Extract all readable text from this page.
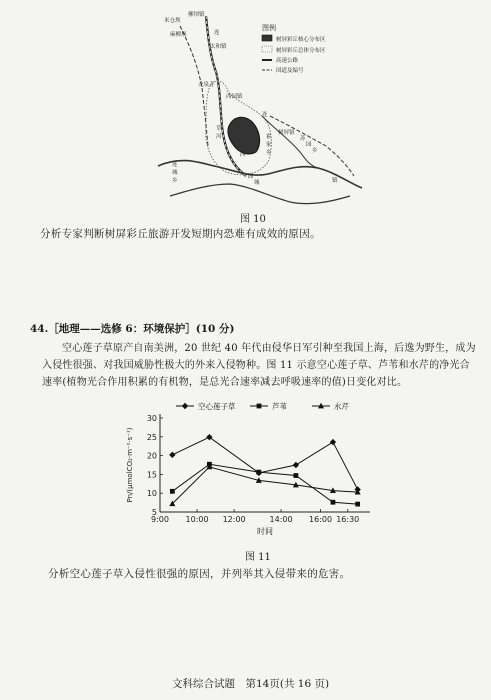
米仓坝
麻柳坝
柳坝镇
太和镇
连
龙泉寺
西园镇
树屏镇
连
霍
家
乡
草
河
西
固
城
苏
园
乡
连
城
乡	镇
图例
树屏彩丘核心分布区
树屏彩丘总体分布区
高速公路
国道及编号
图 10
分析专家判断树屏彩丘旅游开发短期内恐难有成效的原因。
44.［地理——选修 6：环境保护］(10 分)
空心莲子草原产自南美洲，20 世纪 40 年代由侵华日军引种至我国上海，后逸为野生，成为入侵性很强、对我国威胁性极大的外来入侵物种。图 11 示意空心莲子草、芦苇和水芹的净光合速率(植物光合作用积累的有机物，是总光合速率减去呼吸速率的值)日变化对比。
5
10
15
20
25
30
9:00 10:00 12:00	14:00 16:00 16:30
时间
Pn/(μmolCO₂·m⁻²·s⁻¹)
空心莲子草	芦苇	水芹
图 11
分析空心莲子草入侵性很强的原因，并列举其入侵带来的危害。
文科综合试题　第14页(共 16 页)
